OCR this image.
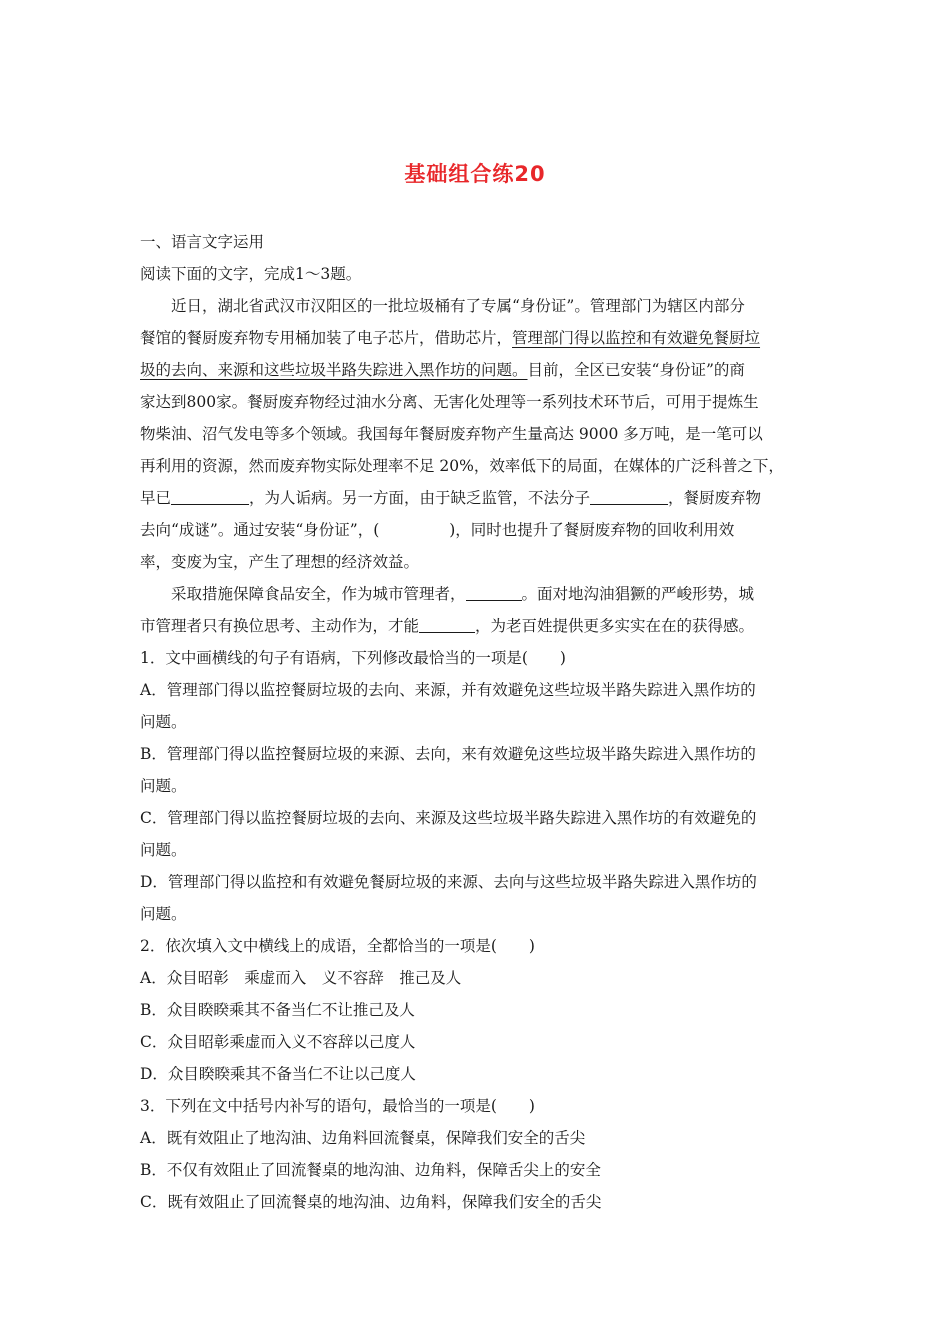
基础组合练20
一、语言文字运用
阅读下面的文字，完成1～3题。
近日，湖北省武汉市汉阳区的一批垃圾桶有了专属“身份证”。管理部门为辖区内部分
餐馆的餐厨废弃物专用桶加装了电子芯片，借助芯片，管理部门得以监控和有效避免餐厨垃
圾的去向、来源和这些垃圾半路失踪进入黑作坊的问题。目前，全区已安装“身份证”的商
家达到800家。餐厨废弃物经过油水分离、无害化处理等一系列技术环节后，可用于提炼生
物柴油、沼气发电等多个领域。我国每年餐厨废弃物产生量高达 9000 多万吨，是一笔可以
再利用的资源，然而废弃物实际处理率不足 20%，效率低下的局面，在媒体的广泛科普之下，
早已	，为人诟病。另一方面，由于缺乏监管，不法分子	，餐厨废弃物
去向“成谜”。通过安装“身份证”，(	)，同时也提升了餐厨废弃物的回收利用效
率，变废为宝，产生了理想的经济效益。
采取措施保障食品安全，作为城市管理者，	。面对地沟油猖獗的严峻形势，城
市管理者只有换位思考、主动作为，才能	，为老百姓提供更多实实在在的获得感。
1．文中画横线的句子有语病，下列修改最恰当的一项是( )
A．管理部门得以监控餐厨垃圾的去向、来源，并有效避免这些垃圾半路失踪进入黑作坊的
问题。
B．管理部门得以监控餐厨垃圾的来源、去向，来有效避免这些垃圾半路失踪进入黑作坊的
问题。
C．管理部门得以监控餐厨垃圾的去向、来源及这些垃圾半路失踪进入黑作坊的有效避免的
问题。
D．管理部门得以监控和有效避免餐厨垃圾的来源、去向与这些垃圾半路失踪进入黑作坊的
问题。
2．依次填入文中横线上的成语，全都恰当的一项是( )
A．众目昭彰　乘虚而入　义不容辞　推己及人
B．众目睽睽乘其不备当仁不让推己及人
C．众目昭彰乘虚而入义不容辞以己度人
D．众目睽睽乘其不备当仁不让以己度人
3．下列在文中括号内补写的语句，最恰当的一项是( )
A．既有效阻止了地沟油、边角料回流餐桌，保障我们安全的舌尖
B．不仅有效阻止了回流餐桌的地沟油、边角料，保障舌尖上的安全
C．既有效阻止了回流餐桌的地沟油、边角料，保障我们安全的舌尖
